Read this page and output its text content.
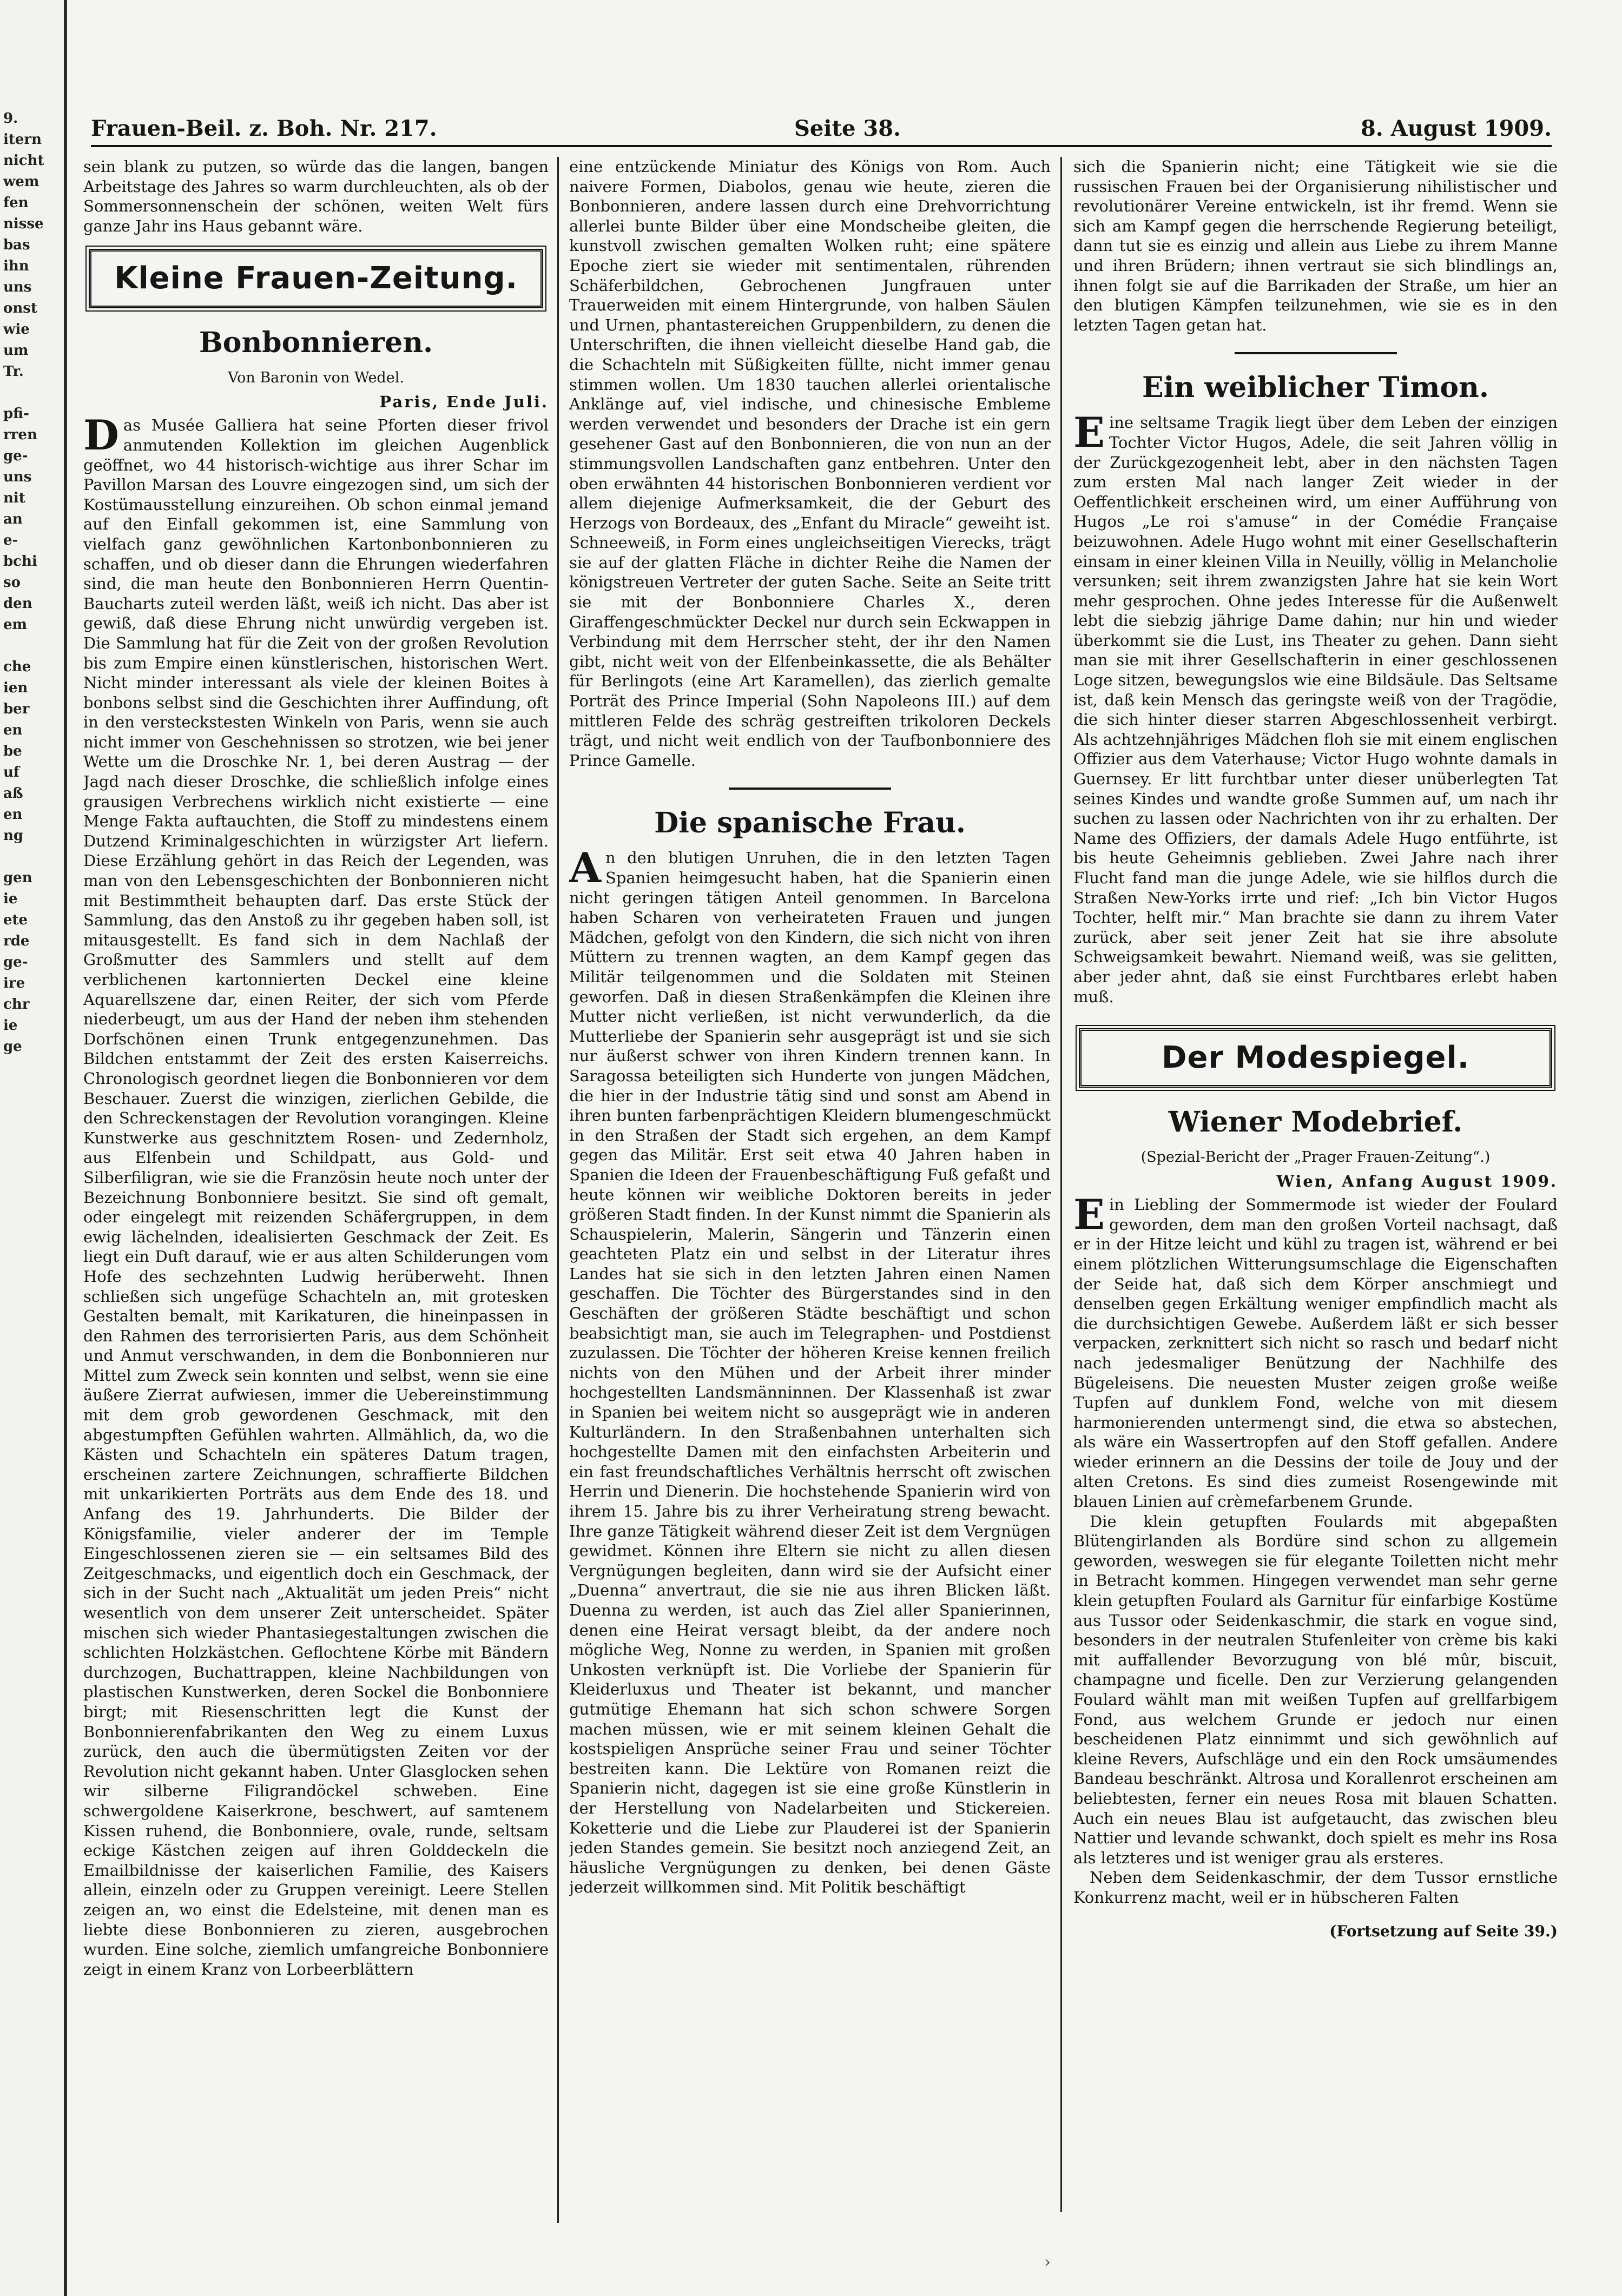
9.
itern
nicht
wem
fen
nisse
bas
ihn
uns
onst
wie
um
Tr.
pfi-
rren
ge-
uns
nit
an
e-
bchi
so
den
em
che
ien
ber
en
be
uf
aß
en
ng
gen
ie
ete
rde
ge-
ire
chr
ie
ge
Frauen-Beil. z. Boh. Nr. 217.	Seite 38.	8. August 1909.

sein blank zu putzen, so würde das die langen, bangen Arbeitstage des Jahres so warm durchleuchten, als ob der Sommersonnenschein der schönen, weiten Welt fürs ganze Jahr ins Haus gebannt wäre.

Kleine Frauen-Zeitung.
Bonbonnieren.
Von Baronin von Wedel.
Paris, Ende Juli.

Das Musée Galliera hat seine Pforten dieser frivol anmutenden Kollektion im gleichen Augenblick geöffnet, wo 44 historisch-wichtige aus ihrer Schar im Pavillon Marsan des Louvre eingezogen sind, um sich der Kostümausstellung einzureihen. Ob schon einmal jemand auf den Einfall gekommen ist, eine Sammlung von vielfach ganz gewöhnlichen Kartonbonbonnieren zu schaffen, und ob dieser dann die Ehrungen wiederfahren sind, die man heute den Bonbonnieren Herrn Quentin-Baucharts zuteil werden läßt, weiß ich nicht. Das aber ist gewiß, daß diese Ehrung nicht unwürdig vergeben ist. Die Sammlung hat für die Zeit von der großen Revolution bis zum Empire einen künstlerischen, historischen Wert. Nicht minder interessant als viele der kleinen Boites à bonbons selbst sind die Geschichten ihrer Auffindung, oft in den versteckstesten Winkeln von Paris, wenn sie auch nicht immer von Geschehnissen so strotzen, wie bei jener Wette um die Droschke Nr. 1, bei deren Austrag — der Jagd nach dieser Droschke, die schließlich infolge eines grausigen Verbrechens wirklich nicht existierte — eine Menge Fakta auftauchten, die Stoff zu mindestens einem Dutzend Kriminalgeschichten in würzigster Art liefern. Diese Erzählung gehört in das Reich der Legenden, was man von den Lebensgeschichten der Bonbonnieren nicht mit Bestimmtheit behaupten darf. Das erste Stück der Sammlung, das den Anstoß zu ihr gegeben haben soll, ist mitausgestellt. Es fand sich in dem Nachlaß der Großmutter des Sammlers und stellt auf dem verblichenen kartonnierten Deckel eine kleine Aquarellszene dar, einen Reiter, der sich vom Pferde niederbeugt, um aus der Hand der neben ihm stehenden Dorfschönen einen Trunk entgegenzunehmen. Das Bildchen entstammt der Zeit des ersten Kaiserreichs. Chronologisch geordnet liegen die Bonbonnieren vor dem Beschauer. Zuerst die winzigen, zierlichen Gebilde, die den Schreckenstagen der Revolution vorangingen. Kleine Kunstwerke aus geschnitztem Rosen- und Zedernholz, aus Elfenbein und Schildpatt, aus Gold- und Silberfiligran, wie sie die Französin heute noch unter der Bezeichnung Bonbonniere besitzt. Sie sind oft gemalt, oder eingelegt mit reizenden Schäfergruppen, in dem ewig lächelnden, idealisierten Geschmack der Zeit. Es liegt ein Duft darauf, wie er aus alten Schilderungen vom Hofe des sechzehnten Ludwig herüberweht. Ihnen schließen sich ungefüge Schachteln an, mit grotesken Gestalten bemalt, mit Karikaturen, die hineinpassen in den Rahmen des terrorisierten Paris, aus dem Schönheit und Anmut verschwanden, in dem die Bonbonnieren nur Mittel zum Zweck sein konnten und selbst, wenn sie eine äußere Zierrat aufwiesen, immer die Uebereinstimmung mit dem grob gewordenen Geschmack, mit den abgestumpften Gefühlen wahrten. Allmählich, da, wo die Kästen und Schachteln ein späteres Datum tragen, erscheinen zartere Zeichnungen, schraffierte Bildchen mit unkarikierten Porträts aus dem Ende des 18. und Anfang des 19. Jahrhunderts. Die Bilder der Königsfamilie, vieler anderer der im Temple Eingeschlossenen zieren sie — ein seltsames Bild des Zeitgeschmacks, und eigentlich doch ein Geschmack, der sich in der Sucht nach „Aktualität um jeden Preis“ nicht wesentlich von dem unserer Zeit unterscheidet. Später mischen sich wieder Phantasiegestaltungen zwischen die schlichten Holzkästchen. Geflochtene Körbe mit Bändern durchzogen, Buchattrappen, kleine Nachbildungen von plastischen Kunstwerken, deren Sockel die Bonbonniere birgt; mit Riesenschritten legt die Kunst der Bonbonnierenfabrikanten den Weg zu einem Luxus zurück, den auch die übermütigsten Zeiten vor der Revolution nicht gekannt haben. Unter Glasglocken sehen wir silberne Filigrandöckel schweben. Eine schwergoldene Kaiserkrone, beschwert, auf samtenem Kissen ruhend, die Bonbonniere, ovale, runde, seltsam eckige Kästchen zeigen auf ihren Golddeckeln die Emailbildnisse der kaiserlichen Familie, des Kaisers allein, einzeln oder zu Gruppen vereinigt. Leere Stellen zeigen an, wo einst die Edelsteine, mit denen man es liebte diese Bonbonnieren zu zieren, ausgebrochen wurden. Eine solche, ziemlich umfangreiche Bonbonniere zeigt in einem Kranz von Lorbeerblättern

eine entzückende Miniatur des Königs von Rom. Auch naivere Formen, Diabolos, genau wie heute, zieren die Bonbonnieren, andere lassen durch eine Drehvorrichtung allerlei bunte Bilder über eine Mondscheibe gleiten, die kunstvoll zwischen gemalten Wolken ruht; eine spätere Epoche ziert sie wieder mit sentimentalen, rührenden Schäferbildchen, Gebrochenen Jungfrauen unter Trauerweiden mit einem Hintergrunde, von halben Säulen und Urnen, phantastereichen Gruppenbildern, zu denen die Unterschriften, die ihnen vielleicht dieselbe Hand gab, die die Schachteln mit Süßigkeiten füllte, nicht immer genau stimmen wollen. Um 1830 tauchen allerlei orientalische Anklänge auf, viel indische, und chinesische Embleme werden verwendet und besonders der Drache ist ein gern gesehener Gast auf den Bonbonnieren, die von nun an der stimmungsvollen Landschaften ganz entbehren. Unter den oben erwähnten 44 historischen Bonbonnieren verdient vor allem diejenige Aufmerksamkeit, die der Geburt des Herzogs von Bordeaux, des „Enfant du Miracle“ geweiht ist. Schneeweiß, in Form eines ungleichseitigen Vierecks, trägt sie auf der glatten Fläche in dichter Reihe die Namen der königstreuen Vertreter der guten Sache. Seite an Seite tritt sie mit der Bonbonniere Charles X., deren Giraffengeschmückter Deckel nur durch sein Eckwappen in Verbindung mit dem Herrscher steht, der ihr den Namen gibt, nicht weit von der Elfenbeinkassette, die als Behälter für Berlingots (eine Art Karamellen), das zierlich gemalte Porträt des Prince Imperial (Sohn Napoleons III.) auf dem mittleren Felde des schräg gestreiften trikoloren Deckels trägt, und nicht weit endlich von der Taufbonbonniere des Prince Gamelle.

Die spanische Frau.

An den blutigen Unruhen, die in den letzten Tagen Spanien heimgesucht haben, hat die Spanierin einen nicht geringen tätigen Anteil genommen. In Barcelona haben Scharen von verheirateten Frauen und jungen Mädchen, gefolgt von den Kindern, die sich nicht von ihren Müttern zu trennen wagten, an dem Kampf gegen das Militär teilgenommen und die Soldaten mit Steinen geworfen. Daß in diesen Straßenkämpfen die Kleinen ihre Mutter nicht verließen, ist nicht verwunderlich, da die Mutterliebe der Spanierin sehr ausgeprägt ist und sie sich nur äußerst schwer von ihren Kindern trennen kann. In Saragossa beteiligten sich Hunderte von jungen Mädchen, die hier in der Industrie tätig sind und sonst am Abend in ihren bunten farbenprächtigen Kleidern blumengeschmückt in den Straßen der Stadt sich ergehen, an dem Kampf gegen das Militär. Erst seit etwa 40 Jahren haben in Spanien die Ideen der Frauenbeschäftigung Fuß gefaßt und heute können wir weibliche Doktoren bereits in jeder größeren Stadt finden. In der Kunst nimmt die Spanierin als Schauspielerin, Malerin, Sängerin und Tänzerin einen geachteten Platz ein und selbst in der Literatur ihres Landes hat sie sich in den letzten Jahren einen Namen geschaffen. Die Töchter des Bürgerstandes sind in den Geschäften der größeren Städte beschäftigt und schon beabsichtigt man, sie auch im Telegraphen- und Postdienst zuzulassen. Die Töchter der höheren Kreise kennen freilich nichts von den Mühen und der Arbeit ihrer minder hochgestellten Landsmänninnen. Der Klassenhaß ist zwar in Spanien bei weitem nicht so ausgeprägt wie in anderen Kulturländern. In den Straßenbahnen unterhalten sich hochgestellte Damen mit den einfachsten Arbeiterin und ein fast freundschaftliches Verhältnis herrscht oft zwischen Herrin und Dienerin. Die hochstehende Spanierin wird von ihrem 15. Jahre bis zu ihrer Verheiratung streng bewacht. Ihre ganze Tätigkeit während dieser Zeit ist dem Vergnügen gewidmet. Können ihre Eltern sie nicht zu allen diesen Vergnügungen begleiten, dann wird sie der Aufsicht einer „Duenna“ anvertraut, die sie nie aus ihren Blicken läßt. Duenna zu werden, ist auch das Ziel aller Spanierinnen, denen eine Heirat versagt bleibt, da der andere noch mögliche Weg, Nonne zu werden, in Spanien mit großen Unkosten verknüpft ist. Die Vorliebe der Spanierin für Kleiderluxus und Theater ist bekannt, und mancher gutmütige Ehemann hat sich schon schwere Sorgen machen müssen, wie er mit seinem kleinen Gehalt die kostspieligen Ansprüche seiner Frau und seiner Töchter bestreiten kann. Die Lektüre von Romanen reizt die Spanierin nicht, dagegen ist sie eine große Künstlerin in der Herstellung von Nadelarbeiten und Stickereien. Koketterie und die Liebe zur Plauderei ist der Spanierin jeden Standes gemein. Sie besitzt noch anziegend Zeit, an häusliche Vergnügungen zu denken, bei denen Gäste jederzeit willkommen sind. Mit Politik beschäftigt

sich die Spanierin nicht; eine Tätigkeit wie sie die russischen Frauen bei der Organisierung nihilistischer und revolutionärer Vereine entwickeln, ist ihr fremd. Wenn sie sich am Kampf gegen die herrschende Regierung beteiligt, dann tut sie es einzig und allein aus Liebe zu ihrem Manne und ihren Brüdern; ihnen vertraut sie sich blindlings an, ihnen folgt sie auf die Barrikaden der Straße, um hier an den blutigen Kämpfen teilzunehmen, wie sie es in den letzten Tagen getan hat.

Ein weiblicher Timon.

Eine seltsame Tragik liegt über dem Leben der einzigen Tochter Victor Hugos, Adele, die seit Jahren völlig in der Zurückgezogenheit lebt, aber in den nächsten Tagen zum ersten Mal nach langer Zeit wieder in der Oeffentlichkeit erscheinen wird, um einer Aufführung von Hugos „Le roi s'amuse“ in der Comédie Française beizuwohnen. Adele Hugo wohnt mit einer Gesellschafterin einsam in einer kleinen Villa in Neuilly, völlig in Melancholie versunken; seit ihrem zwanzigsten Jahre hat sie kein Wort mehr gesprochen. Ohne jedes Interesse für die Außenwelt lebt die siebzig jährige Dame dahin; nur hin und wieder überkommt sie die Lust, ins Theater zu gehen. Dann sieht man sie mit ihrer Gesellschafterin in einer geschlossenen Loge sitzen, bewegungslos wie eine Bildsäule. Das Seltsame ist, daß kein Mensch das geringste weiß von der Tragödie, die sich hinter dieser starren Abgeschlossenheit verbirgt. Als achtzehnjähriges Mädchen floh sie mit einem englischen Offizier aus dem Vaterhause; Victor Hugo wohnte damals in Guernsey. Er litt furchtbar unter dieser unüberlegten Tat seines Kindes und wandte große Summen auf, um nach ihr suchen zu lassen oder Nachrichten von ihr zu erhalten. Der Name des Offiziers, der damals Adele Hugo entführte, ist bis heute Geheimnis geblieben. Zwei Jahre nach ihrer Flucht fand man die junge Adele, wie sie hilflos durch die Straßen New-Yorks irrte und rief: „Ich bin Victor Hugos Tochter, helft mir.“ Man brachte sie dann zu ihrem Vater zurück, aber seit jener Zeit hat sie ihre absolute Schweigsamkeit bewahrt. Niemand weiß, was sie gelitten, aber jeder ahnt, daß sie einst Furchtbares erlebt haben muß.

Der Modespiegel.
Wiener Modebrief.
(Spezial-Bericht der „Prager Frauen-Zeitung“.)
Wien, Anfang August 1909.

Ein Liebling der Sommermode ist wieder der Foulard geworden, dem man den großen Vorteil nachsagt, daß er in der Hitze leicht und kühl zu tragen ist, während er bei einem plötzlichen Witterungsumschlage die Eigenschaften der Seide hat, daß sich dem Körper anschmiegt und denselben gegen Erkältung weniger empfindlich macht als die durchsichtigen Gewebe. Außerdem läßt er sich besser verpacken, zerknittert sich nicht so rasch und bedarf nicht nach jedesmaliger Benützung der Nachhilfe des Bügeleisens. Die neuesten Muster zeigen große weiße Tupfen auf dunklem Fond, welche von mit diesem harmonierenden untermengt sind, die etwa so abstechen, als wäre ein Wassertropfen auf den Stoff gefallen. Andere wieder erinnern an die Dessins der toile de Jouy und der alten Cretons. Es sind dies zumeist Rosengewinde mit blauen Linien auf crèmefarbenem Grunde.

Die klein getupften Foulards mit abgepaßten Blütengirlanden als Bordüre sind schon zu allgemein geworden, weswegen sie für elegante Toiletten nicht mehr in Betracht kommen. Hingegen verwendet man sehr gerne klein getupften Foulard als Garnitur für einfarbige Kostüme aus Tussor oder Seidenkaschmir, die stark en vogue sind, besonders in der neutralen Stufenleiter von crème bis kaki mit auffallender Bevorzugung von blé mûr, biscuit, champagne und ficelle. Den zur Verzierung gelangenden Foulard wählt man mit weißen Tupfen auf grellfarbigem Fond, aus welchem Grunde er jedoch nur einen bescheidenen Platz einnimmt und sich gewöhnlich auf kleine Revers, Aufschläge und ein den Rock umsäumendes Bandeau beschränkt. Altrosa und Korallenrot erscheinen am beliebtesten, ferner ein neues Rosa mit blauen Schatten. Auch ein neues Blau ist aufgetaucht, das zwischen bleu Nattier und levande schwankt, doch spielt es mehr ins Rosa als letzteres und ist weniger grau als ersteres.

Neben dem Seidenkaschmir, der dem Tussor ernstliche Konkurrenz macht, weil er in hübscheren Falten

(Fortsetzung auf Seite 39.)
›
